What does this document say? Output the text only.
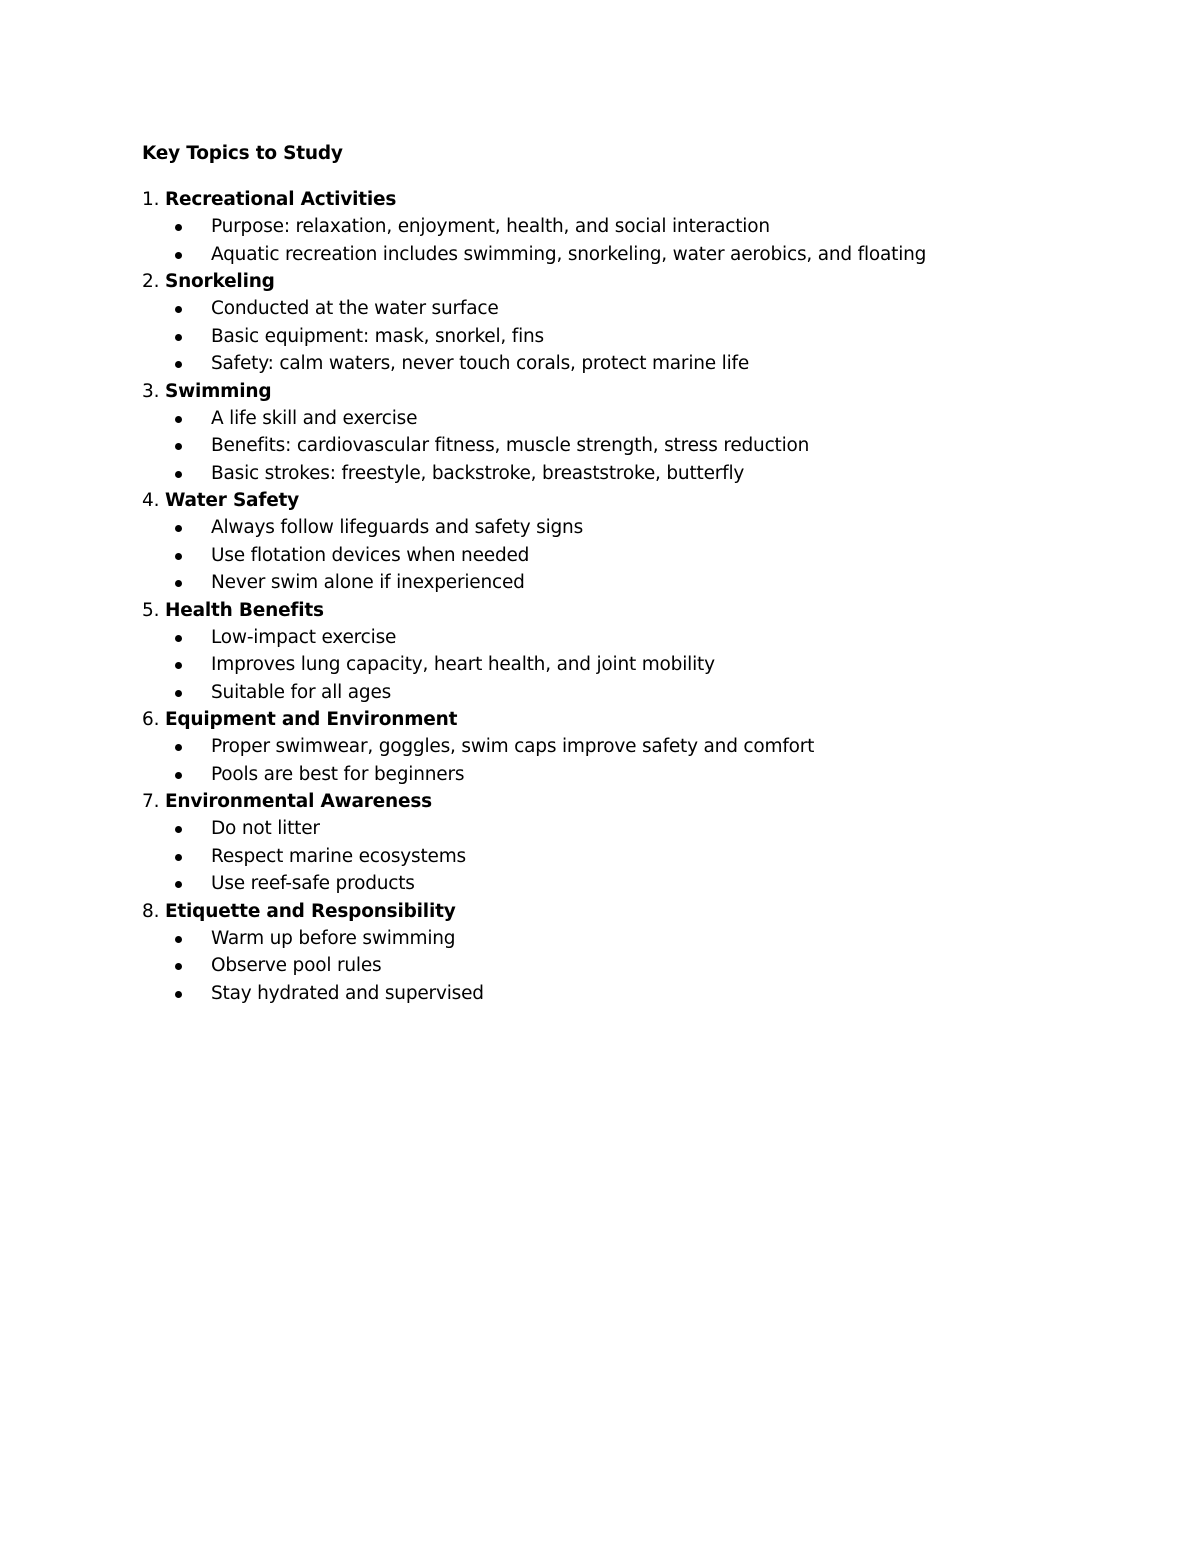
Key Topics to Study
1. Recreational Activities
Purpose: relaxation, enjoyment, health, and social interaction
Aquatic recreation includes swimming, snorkeling, water aerobics, and floating
2. Snorkeling
Conducted at the water surface
Basic equipment: mask, snorkel, fins
Safety: calm waters, never touch corals, protect marine life
3. Swimming
A life skill and exercise
Benefits: cardiovascular fitness, muscle strength, stress reduction
Basic strokes: freestyle, backstroke, breaststroke, butterfly
4. Water Safety
Always follow lifeguards and safety signs
Use flotation devices when needed
Never swim alone if inexperienced
5. Health Benefits
Low-impact exercise
Improves lung capacity, heart health, and joint mobility
Suitable for all ages
6. Equipment and Environment
Proper swimwear, goggles, swim caps improve safety and comfort
Pools are best for beginners
7. Environmental Awareness
Do not litter
Respect marine ecosystems
Use reef-safe products
8. Etiquette and Responsibility
Warm up before swimming
Observe pool rules
Stay hydrated and supervised
